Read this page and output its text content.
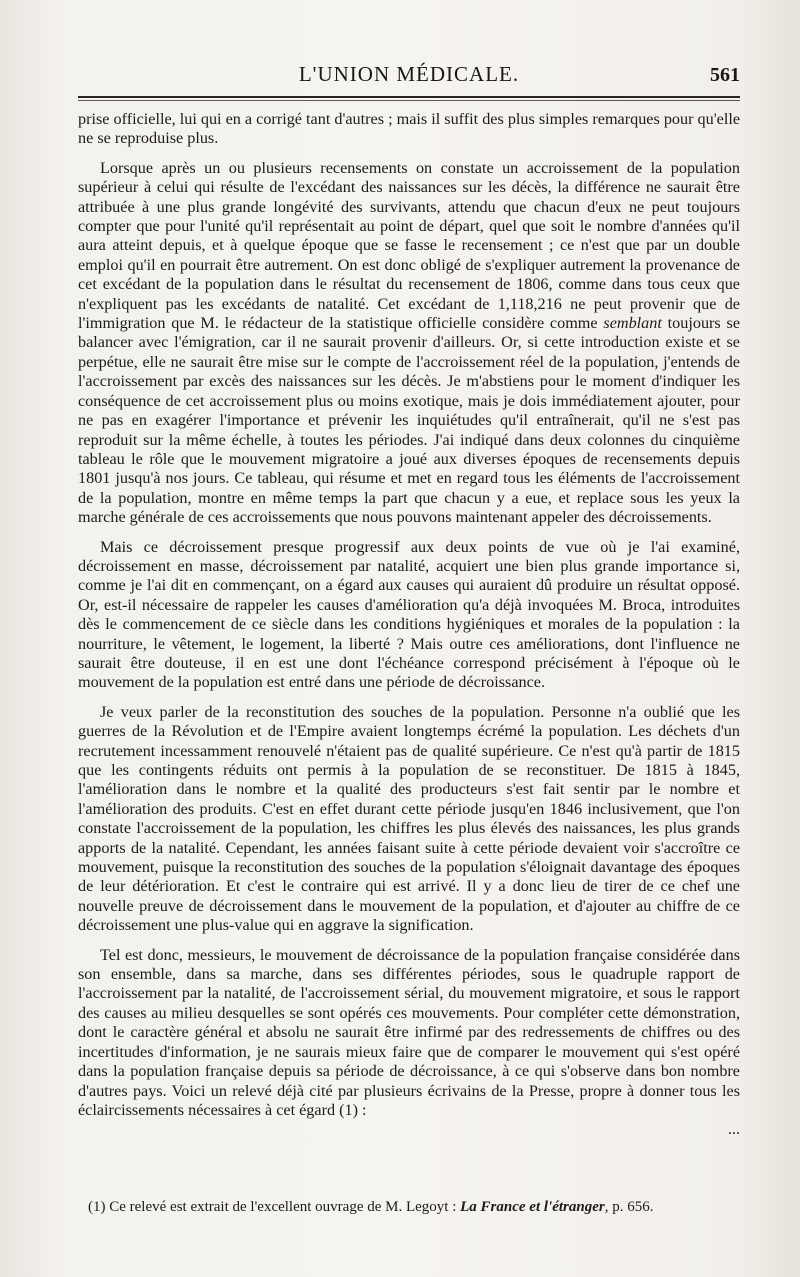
L'UNION MÉDICALE.	561

prise officielle, lui qui en a corrigé tant d'autres ; mais il suffit des plus simples remarques pour qu'elle ne se reproduise plus.

Lorsque après un ou plusieurs recensements on constate un accroissement de la population supérieur à celui qui résulte de l'excédant des naissances sur les décès, la différence ne saurait être attribuée à une plus grande longévité des survivants, attendu que chacun d'eux ne peut toujours compter que pour l'unité qu'il représentait au point de départ, quel que soit le nombre d'années qu'il aura atteint depuis, et à quelque époque que se fasse le recensement ; ce n'est que par un double emploi qu'il en pourrait être autrement. On est donc obligé de s'expliquer autrement la provenance de cet excédant de la population dans le résultat du recensement de 1806, comme dans tous ceux que n'expliquent pas les excédants de natalité. Cet excédant de 1,118,216 ne peut provenir que de l'immigration que M. le rédacteur de la statistique officielle considère comme semblant toujours se balancer avec l'émigration, car il ne saurait provenir d'ailleurs. Or, si cette introduction existe et se perpétue, elle ne saurait être mise sur le compte de l'accroissement réel de la population, j'entends de l'accroissement par excès des naissances sur les décès. Je m'abstiens pour le moment d'indiquer les conséquence de cet accroissement plus ou moins exotique, mais je dois immédiatement ajouter, pour ne pas en exagérer l'importance et prévenir les inquiétudes qu'il entraînerait, qu'il ne s'est pas reproduit sur la même échelle, à toutes les périodes. J'ai indiqué dans deux colonnes du cinquième tableau le rôle que le mouvement migratoire a joué aux diverses époques de recensements depuis 1801 jusqu'à nos jours. Ce tableau, qui résume et met en regard tous les éléments de l'accroissement de la population, montre en même temps la part que chacun y a eue, et replace sous les yeux la marche générale de ces accroissements que nous pouvons maintenant appeler des décroissements.

Mais ce décroissement presque progressif aux deux points de vue où je l'ai examiné, décroissement en masse, décroissement par natalité, acquiert une bien plus grande importance si, comme je l'ai dit en commençant, on a égard aux causes qui auraient dû produire un résultat opposé. Or, est-il nécessaire de rappeler les causes d'amélioration qu'a déjà invoquées M. Broca, introduites dès le commencement de ce siècle dans les conditions hygiéniques et morales de la population : la nourriture, le vêtement, le logement, la liberté ? Mais outre ces améliorations, dont l'influence ne saurait être douteuse, il en est une dont l'échéance correspond précisément à l'époque où le mouvement de la population est entré dans une période de décroissance.

Je veux parler de la reconstitution des souches de la population. Personne n'a oublié que les guerres de la Révolution et de l'Empire avaient longtemps écrémé la population. Les déchets d'un recrutement incessamment renouvelé n'étaient pas de qualité supérieure. Ce n'est qu'à partir de 1815 que les contingents réduits ont permis à la population de se reconstituer. De 1815 à 1845, l'amélioration dans le nombre et la qualité des producteurs s'est fait sentir par le nombre et l'amélioration des produits. C'est en effet durant cette période jusqu'en 1846 inclusivement, que l'on constate l'accroissement de la population, les chiffres les plus élevés des naissances, les plus grands apports de la natalité. Cependant, les années faisant suite à cette période devaient voir s'accroître ce mouvement, puisque la reconstitution des souches de la population s'éloignait davantage des époques de leur détérioration. Et c'est le contraire qui est arrivé. Il y a donc lieu de tirer de ce chef une nouvelle preuve de décroissement dans le mouvement de la population, et d'ajouter au chiffre de ce décroissement une plus-value qui en aggrave la signification.

Tel est donc, messieurs, le mouvement de décroissance de la population française considérée dans son ensemble, dans sa marche, dans ses différentes périodes, sous le quadruple rapport de l'accroissement par la natalité, de l'accroissement sérial, du mouvement migratoire, et sous le rapport des causes au milieu desquelles se sont opérés ces mouvements. Pour compléter cette démonstration, dont le caractère général et absolu ne saurait être infirmé par des redressements de chiffres ou des incertitudes d'information, je ne saurais mieux faire que de comparer le mouvement qui s'est opéré dans la population française depuis sa période de décroissance, à ce qui s'observe dans bon nombre d'autres pays. Voici un relevé déjà cité par plusieurs écrivains de la Presse, propre à donner tous les éclaircissements nécessaires à cet égard (1) :
...

(1) Ce relevé est extrait de l'excellent ouvrage de M. Legoyt : La France et l'étranger, p. 656.
